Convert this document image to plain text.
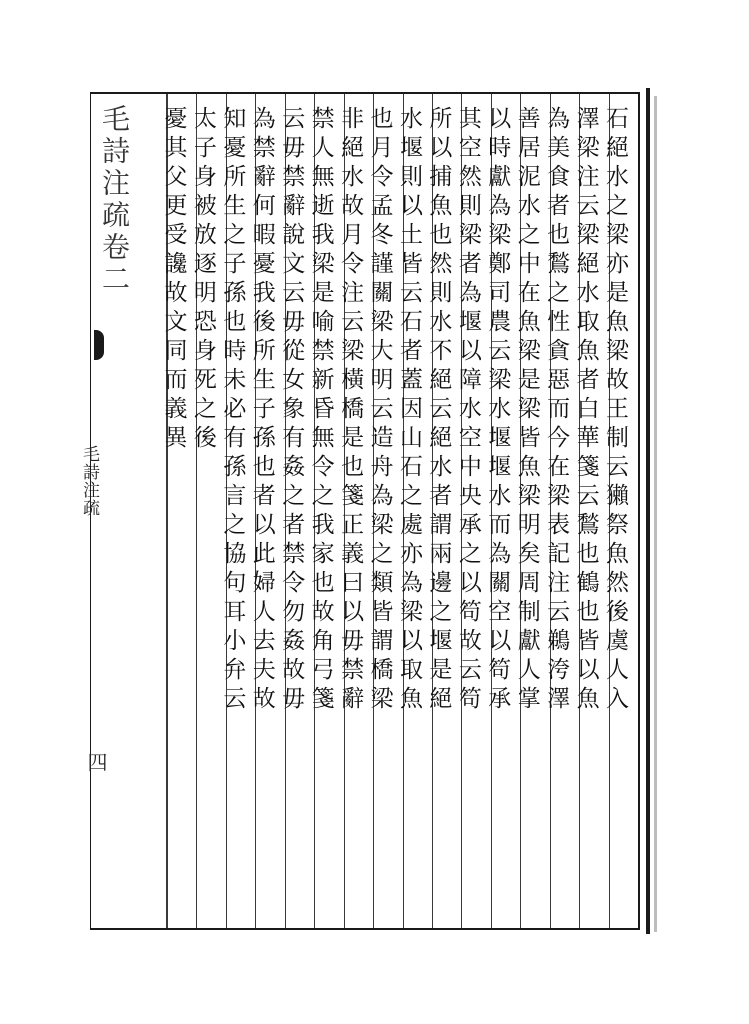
毛詩注疏卷二
毛詩注疏
四
石絕水之梁亦是魚梁故王制云獺祭魚然後虞人入
澤梁注云梁絕水取魚者白華箋云鶖也鶴也皆以魚
為美食者也鶖之性貪惡而今在梁表記注云鵜洿澤
善居泥水之中在魚梁是梁皆魚梁明矣周制獻人掌
以時獻為梁鄭司農云梁水堰堰水而為關空以笱承
其空然則梁者為堰以障水空中央承之以笱故云笱
所以捕魚也然則水不絕云絕水者謂兩邊之堰是絕
水堰則以土皆云石者蓋因山石之處亦為梁以取魚
也月令孟冬謹關梁大明云造舟為梁之類皆謂橋梁
非絕水故月令注云梁橫橋是也箋正義曰以毋禁辭
禁人無逝我梁是喻禁新昏無令之我家也故角弓箋
云毋禁辭說文云毋從女象有姦之者禁令勿姦故毋
為禁辭何暇憂我後所生子孫也者以此婦人去夫故
知憂所生之子孫也時未必有孫言之協句耳小弁云
太子身被放逐明恐身死之後
憂其父更受讒故文同而義異
